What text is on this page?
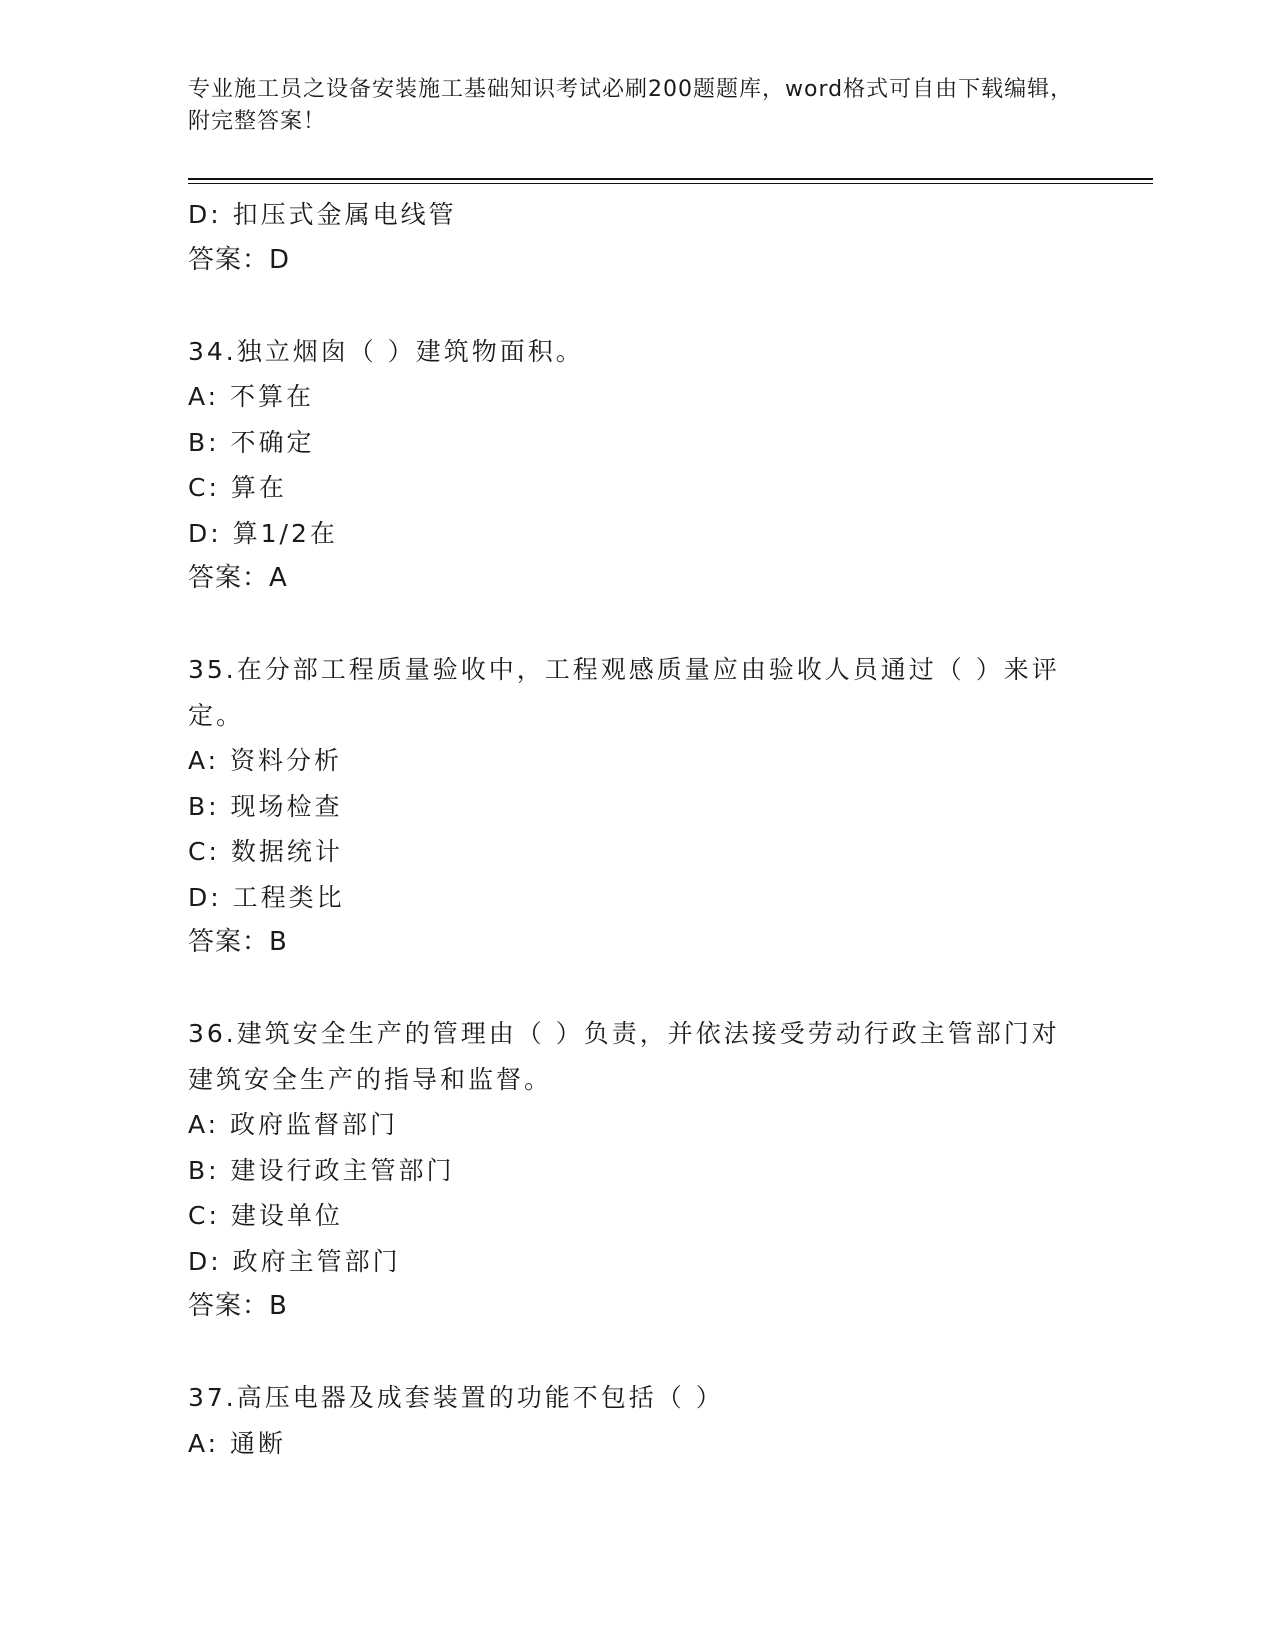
专业施工员之设备安装施工基础知识考试必刷200题题库，word格式可自由下载编辑，附完整答案！
D: 扣压式金属电线管
答案：D
34.独立烟囱（ ）建筑物面积。
A: 不算在
B: 不确定
C: 算在
D: 算1/2在
答案：A
35.在分部工程质量验收中，工程观感质量应由验收人员通过（ ）来评定。
A: 资料分析
B: 现场检查
C: 数据统计
D: 工程类比
答案：B
36.建筑安全生产的管理由（ ）负责，并依法接受劳动行政主管部门对建筑安全生产的指导和监督。
A: 政府监督部门
B: 建设行政主管部门
C: 建设单位
D: 政府主管部门
答案：B
37.高压电器及成套装置的功能不包括（ ）
A: 通断
